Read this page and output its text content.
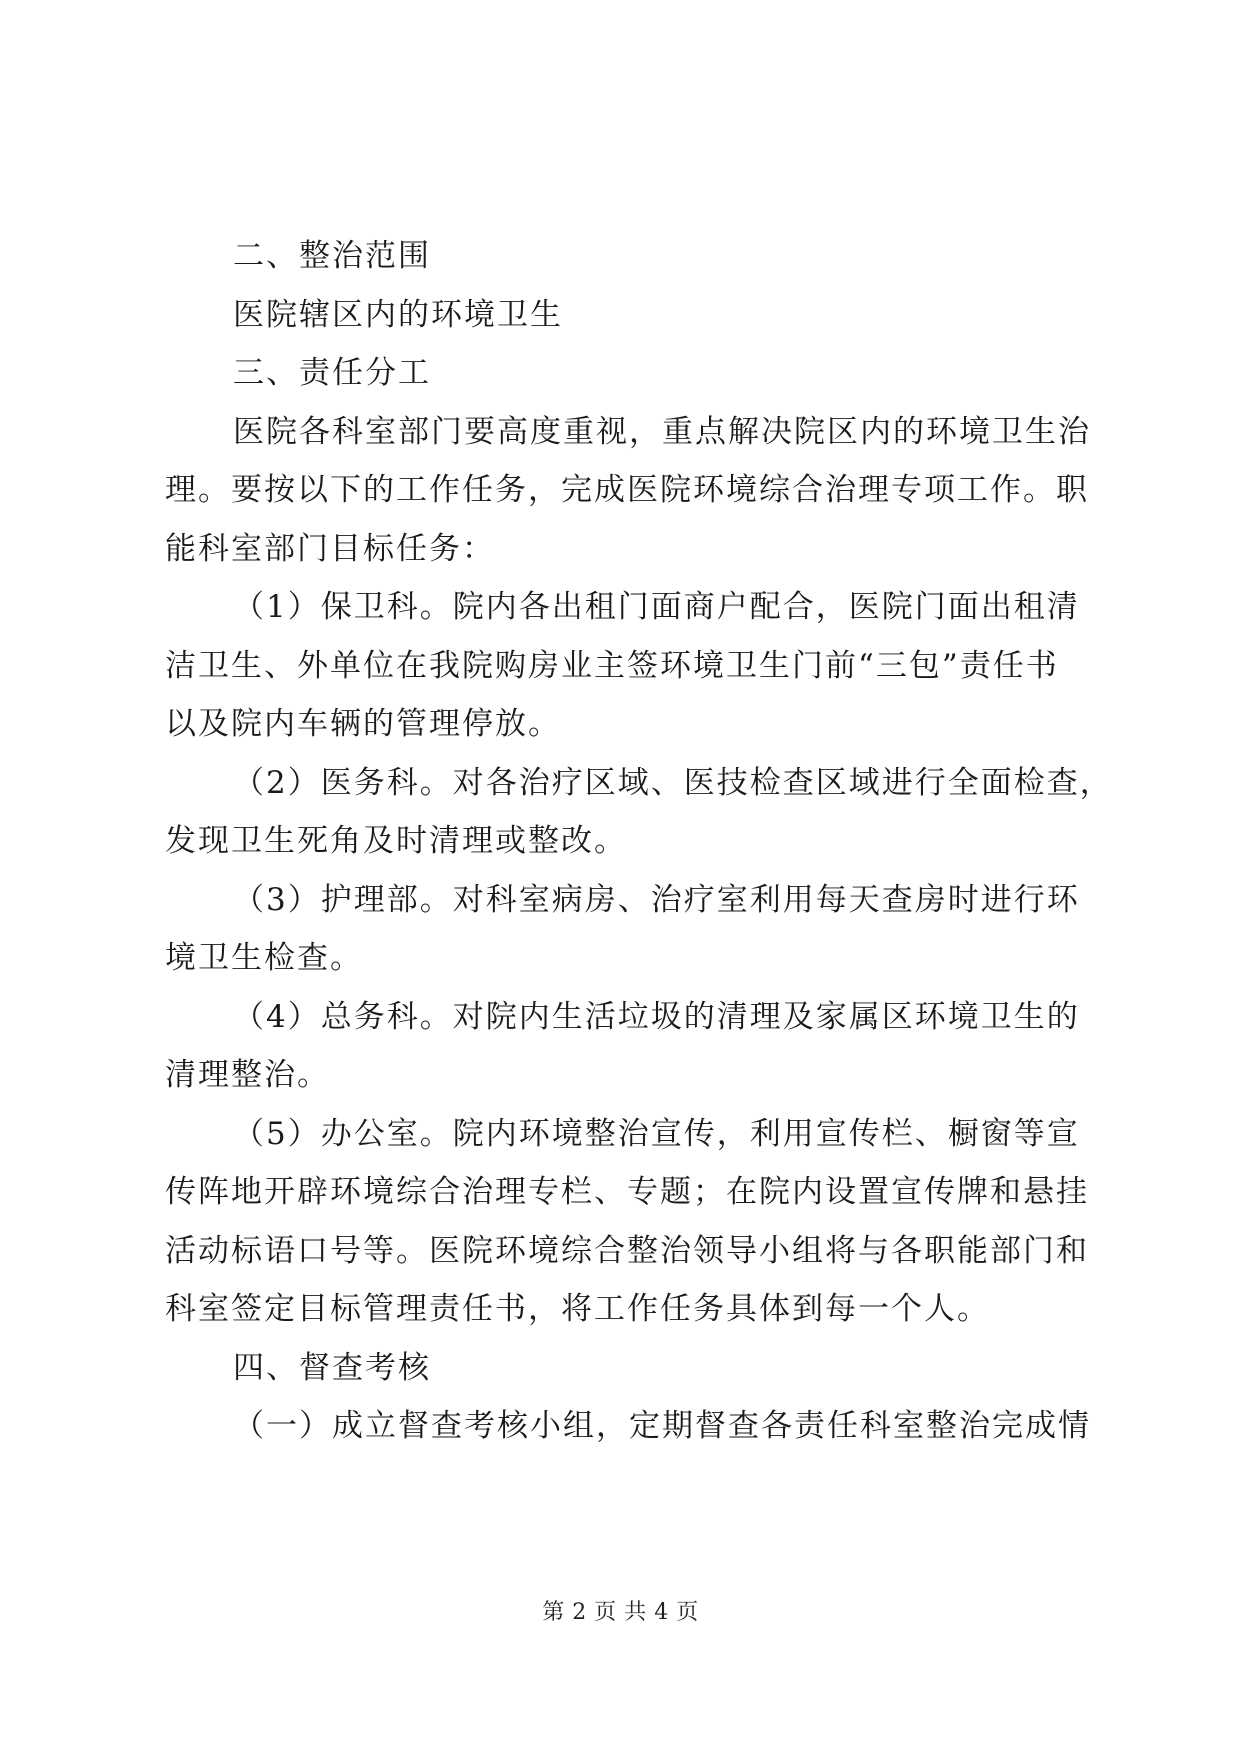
二、整治范围
医院辖区内的环境卫生
三、责任分工
医院各科室部门要高度重视，重点解决院区内的环境卫生治
理。要按以下的工作任务，完成医院环境综合治理专项工作。职
能科室部门目标任务：
（1）保卫科。院内各出租门面商户配合，医院门面出租清
洁卫生、外单位在我院购房业主签环境卫生门前“三包”责任书
以及院内车辆的管理停放。
（2）医务科。对各治疗区域、医技检查区域进行全面检查，
发现卫生死角及时清理或整改。
（3）护理部。对科室病房、治疗室利用每天查房时进行环
境卫生检查。
（4）总务科。对院内生活垃圾的清理及家属区环境卫生的
清理整治。
（5）办公室。院内环境整治宣传，利用宣传栏、橱窗等宣
传阵地开辟环境综合治理专栏、专题；在院内设置宣传牌和悬挂
活动标语口号等。医院环境综合整治领导小组将与各职能部门和
科室签定目标管理责任书，将工作任务具体到每一个人。
四、督查考核
（一）成立督查考核小组，定期督查各责任科室整治完成情
第 2 页 共 4 页
